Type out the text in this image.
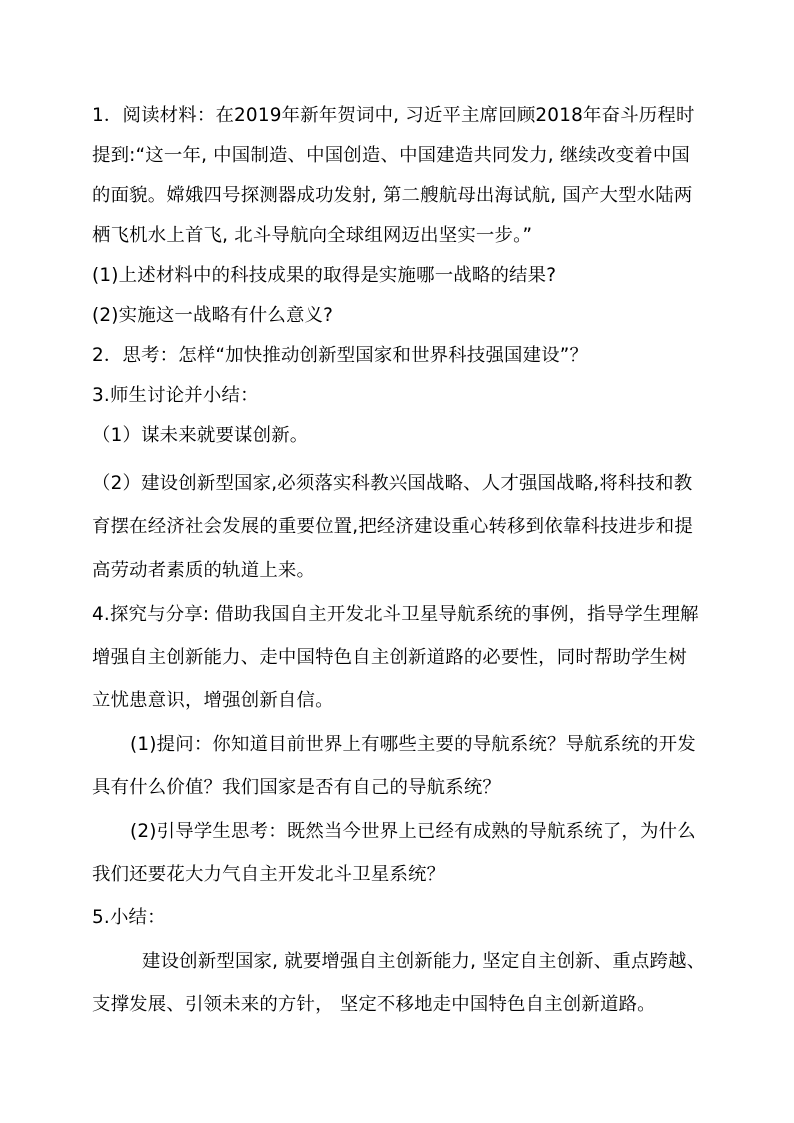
1．阅读材料：在2019年新年贺词中, 习近平主席回顾2018年奋斗历程时
提到:“这一年, 中国制造、中国创造、中国建造共同发力, 继续改变着中国
的面貌。嫦娥四号探测器成功发射, 第二艘航母出海试航, 国产大型水陆两
栖飞机水上首飞, 北斗导航向全球组网迈出坚实一步。”
(1)上述材料中的科技成果的取得是实施哪一战略的结果?
(2)实施这一战略有什么意义?
2．思考：怎样“加快推动创新型国家和世界科技强国建设”？
3.师生讨论并小结：
（1）谋未来就要谋创新。
（2）建设创新型国家,必须落实科教兴国战略、人才强国战略,将科技和教
育摆在经济社会发展的重要位置,把经济建设重心转移到依靠科技进步和提
高劳动者素质的轨道上来。
4.探究与分享: 借助我国自主开发北斗卫星导航系统的事例，指导学生理解
增强自主创新能力、走中国特色自主创新道路的必要性，同时帮助学生树
立忧患意识，增强创新自信。
(1)提问：你知道目前世界上有哪些主要的导航系统？导航系统的开发
具有什么价值？我们国家是否有自己的导航系统？
(2)引导学生思考：既然当今世界上已经有成熟的导航系统了，为什么
我们还要花大力气自主开发北斗卫星系统？
5.小结：
建设创新型国家, 就要增强自主创新能力, 坚定自主创新、重点跨越、
支撑发展、引领未来的方针， 坚定不移地走中国特色自主创新道路。
